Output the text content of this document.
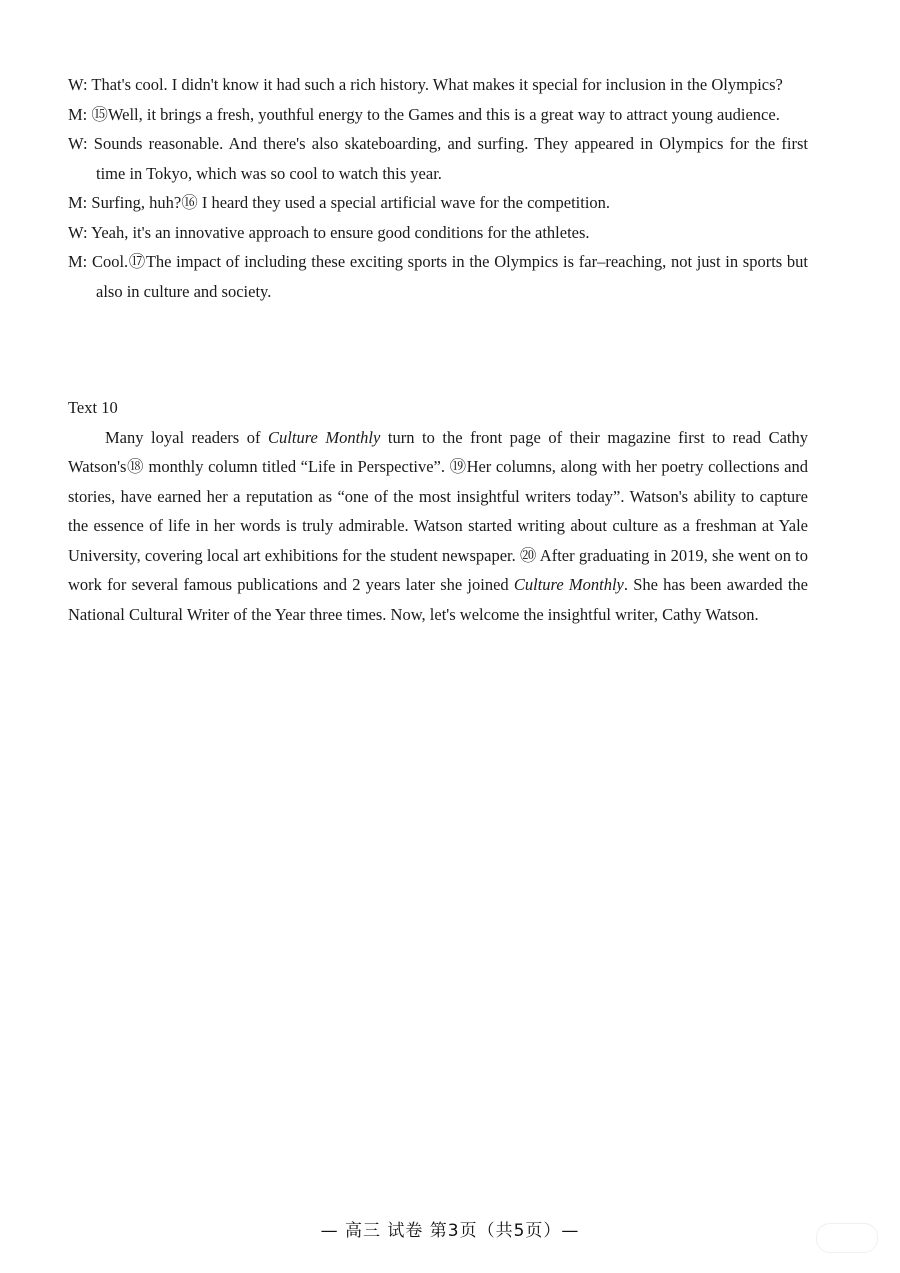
W: That's cool. I didn't know it had such a rich history. What makes it special for inclusion in the Olympics?

M: ⑮Well, it brings a fresh, youthful energy to the Games and this is a great way to attract young audience.

W: Sounds reasonable. And there's also skateboarding, and surfing. They appeared in Olympics for the first time in Tokyo, which was so cool to watch this year.

M: Surfing, huh?⑯ I heard they used a special artificial wave for the competition.

W: Yeah, it's an innovative approach to ensure good conditions for the athletes.

M: Cool.⑰The impact of including these exciting sports in the Olympics is far–reaching, not just in sports but also in culture and society.

Text 10

Many loyal readers of Culture Monthly turn to the front page of their magazine first to read Cathy Watson's⑱ monthly column titled “Life in Perspective”. ⑲Her columns, along with her poetry collections and stories, have earned her a reputation as “one of the most insightful writers today”. Watson's ability to capture the essence of life in her words is truly admirable. Watson started writing about culture as a freshman at Yale University, covering local art exhibitions for the student newspaper. ⑳ After graduating in 2019, she went on to work for several famous publications and 2 years later she joined Culture Monthly. She has been awarded the National Cultural Writer of the Year three times. Now, let's welcome the insightful writer, Cathy Watson.

— 高三 试卷 第3页（共5页）—
